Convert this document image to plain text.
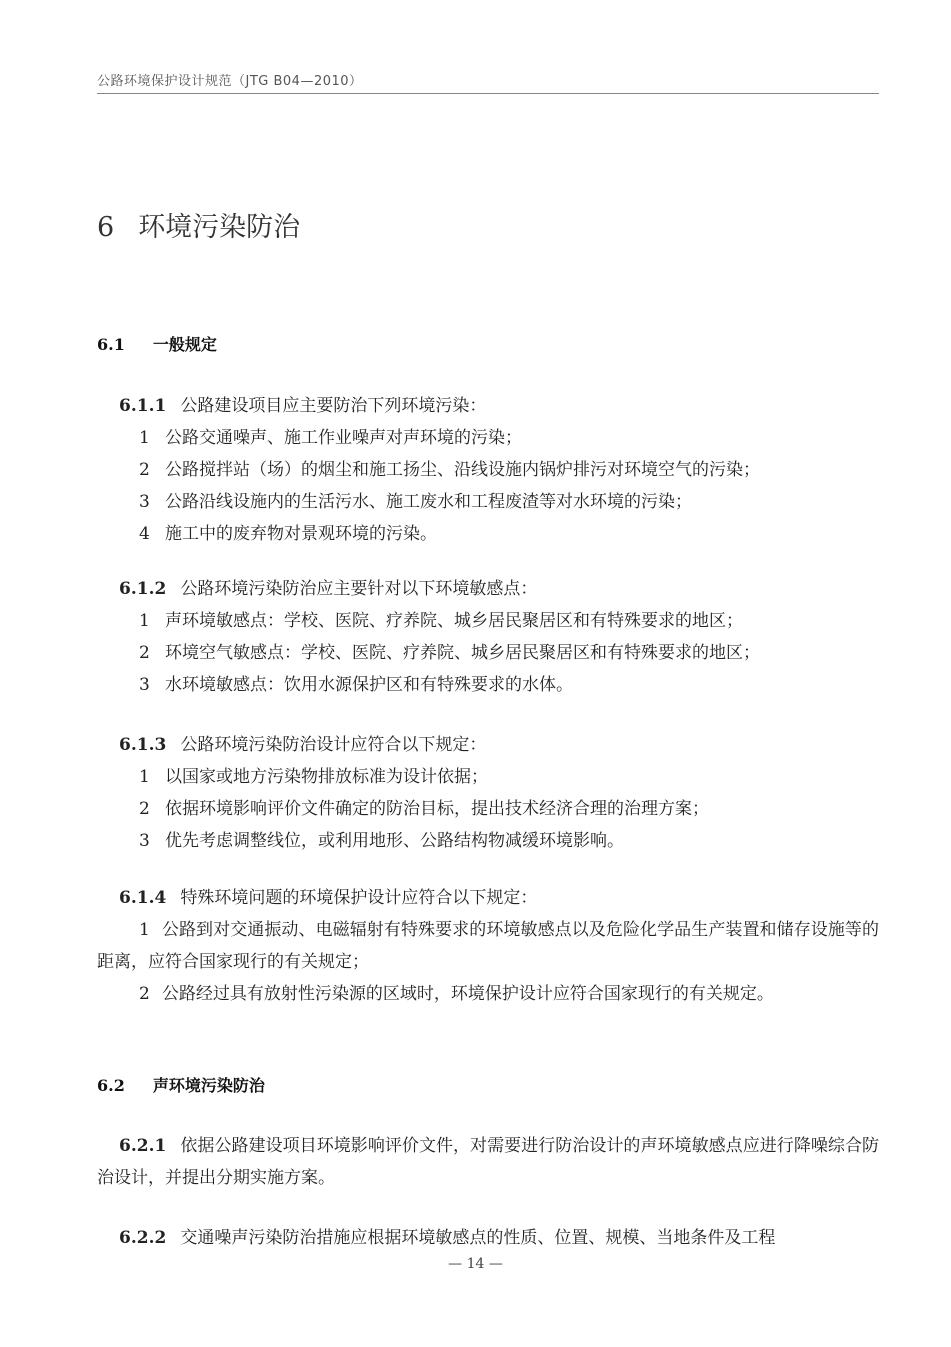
公路环境保护设计规范（JTG B04—2010）
6 环境污染防治
6.1 一般规定
6.1.1 公路建设项目应主要防治下列环境污染：
1 公路交通噪声、施工作业噪声对声环境的污染；
2 公路搅拌站（场）的烟尘和施工扬尘、沿线设施内锅炉排污对环境空气的污染；
3 公路沿线设施内的生活污水、施工废水和工程废渣等对水环境的污染；
4 施工中的废弃物对景观环境的污染。
6.1.2 公路环境污染防治应主要针对以下环境敏感点：
1 声环境敏感点：学校、医院、疗养院、城乡居民聚居区和有特殊要求的地区；
2 环境空气敏感点：学校、医院、疗养院、城乡居民聚居区和有特殊要求的地区；
3 水环境敏感点：饮用水源保护区和有特殊要求的水体。
6.1.3 公路环境污染防治设计应符合以下规定：
1 以国家或地方污染物排放标准为设计依据；
2 依据环境影响评价文件确定的防治目标，提出技术经济合理的治理方案；
3 优先考虑调整线位，或利用地形、公路结构物减缓环境影响。
6.1.4 特殊环境问题的环境保护设计应符合以下规定：
1 公路到对交通振动、电磁辐射有特殊要求的环境敏感点以及危险化学品生产装置和储存设施等的距离，应符合国家现行的有关规定；
2 公路经过具有放射性污染源的区域时，环境保护设计应符合国家现行的有关规定。
6.2 声环境污染防治
6.2.1 依据公路建设项目环境影响评价文件，对需要进行防治设计的声环境敏感点应进行降噪综合防治设计，并提出分期实施方案。
6.2.2 交通噪声污染防治措施应根据环境敏感点的性质、位置、规模、当地条件及工程
— 14 —
